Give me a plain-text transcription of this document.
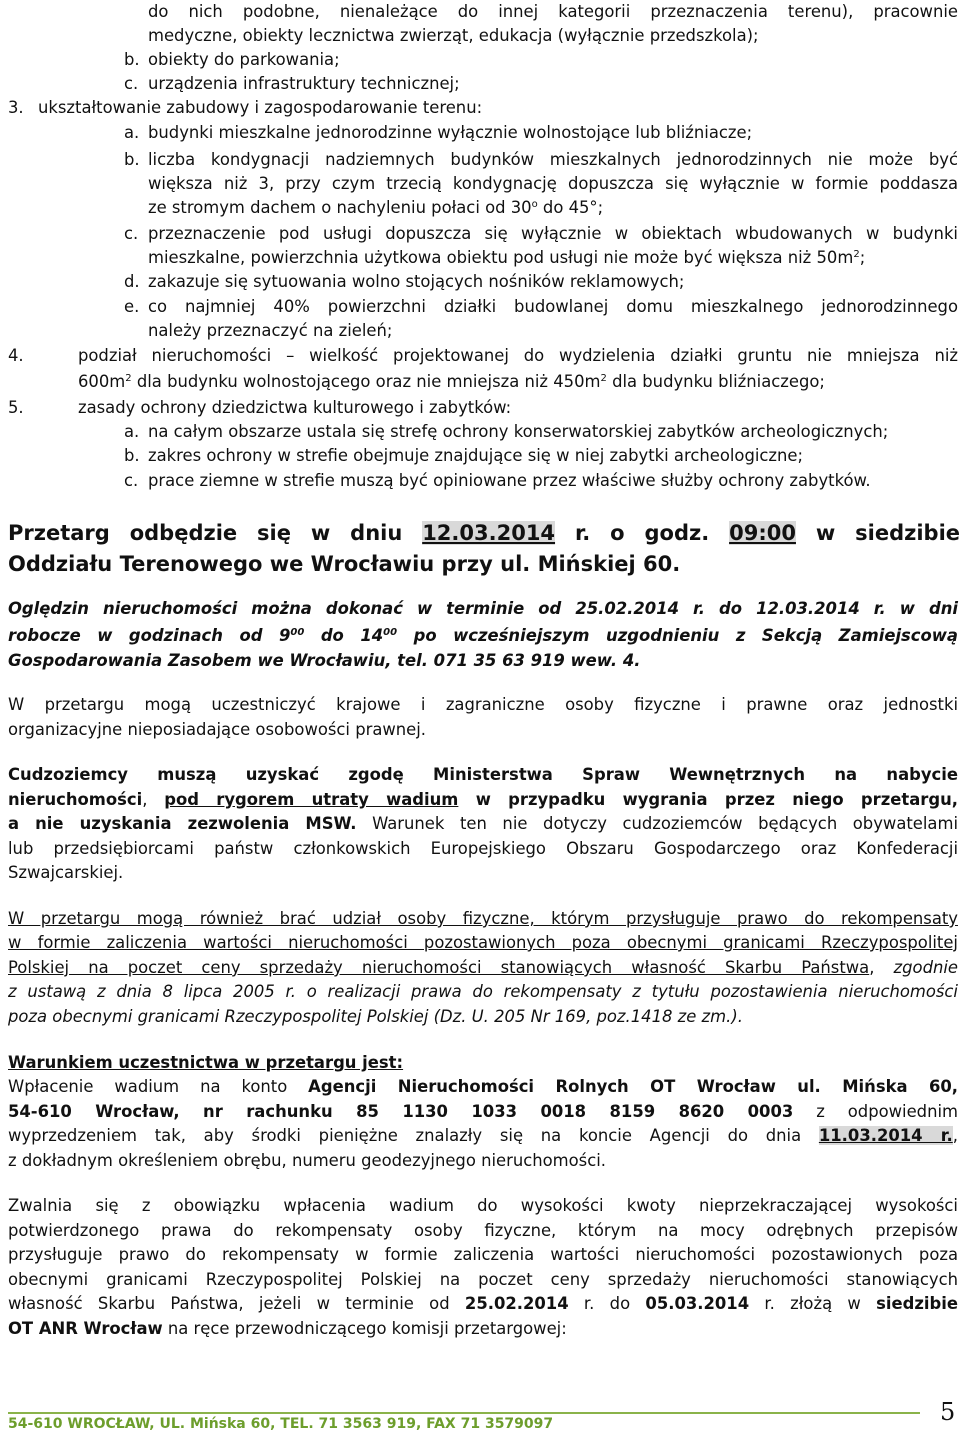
do nich podobne, nienależące do innej kategorii przeznaczenia terenu), pracownie
medyczne, obiekty lecznictwa zwierząt, edukacja (wyłącznie przedszkola);
b. obiekty do parkowania;
c. urządzenia infrastruktury technicznej;
3. ukształtowanie zabudowy i zagospodarowanie terenu:
a. budynki mieszkalne jednorodzinne wyłącznie wolnostojące lub bliźniacze;
b. liczba kondygnacji nadziemnych budynków mieszkalnych jednorodzinnych nie może być
większa niż 3, przy czym trzecią kondygnację dopuszcza się wyłącznie w formie poddasza
ze stromym dachem o nachyleniu połaci od 30$^o$ do 45°;
c. przeznaczenie pod usługi dopuszcza się wyłącznie w obiektach wbudowanych w budynki
mieszkalne, powierzchnia użytkowa obiektu pod usługi nie może być większa niż $50m^2$;
d. zakazuje się sytuowania wolno stojących nośników reklamowych;
e. co najmniej 40% powierzchni działki budowlanej domu mieszkalnego jednorodzinnego
należy przeznaczyć na zieleń;
4.	podział nieruchomości – wielkość projektowanej do wydzielenia działki gruntu nie mniejsza niż
$600m^2$ dla budynku wolnostojącego oraz nie mniejsza niż $450m^2$ dla budynku bliźniaczego;
5.	zasady ochrony dziedzictwa kulturowego i zabytków:
a. na całym obszarze ustala się strefę ochrony konserwatorskiej zabytków archeologicznych;
b. zakres ochrony w strefie obejmuje znajdujące się w niej zabytki archeologiczne;
c. prace ziemne w strefie muszą być opiniowane przez właściwe służby ochrony zabytków.
Przetarg odbędzie się w dniu 12.03.2014 r. o godz. 09:00 w siedzibie
Oddziału Terenowego we Wrocławiu przy ul. Mińskiej 60.
Oględzin nieruchomości można dokonać w terminie od 25.02.2014 r. do 12.03.2014 r. w dni
robocze w godzinach od $9^{00}$ do $14^{00}$ po wcześniejszym uzgodnieniu z Sekcją Zamiejscową
Gospodarowania Zasobem we Wrocławiu, tel. 071 35 63 919 wew. 4.
W przetargu mogą uczestniczyć krajowe i zagraniczne osoby fizyczne i prawne oraz jednostki
organizacyjne nieposiadające osobowości prawnej.
Cudzoziemcy muszą uzyskać zgodę Ministerstwa Spraw Wewnętrznych na nabycie
nieruchomości, pod rygorem utraty wadium w przypadku wygrania przez niego przetargu,
a nie uzyskania zezwolenia MSW. Warunek ten nie dotyczy cudzoziemców będących obywatelami
lub przedsiębiorcami państw członkowskich Europejskiego Obszaru Gospodarczego oraz Konfederacji
Szwajcarskiej.
W przetargu mogą również brać udział osoby fizyczne, którym przysługuje prawo do rekompensaty
w formie zaliczenia wartości nieruchomości pozostawionych poza obecnymi granicami Rzeczypospolitej
Polskiej na poczet ceny sprzedaży nieruchomości stanowiących własność Skarbu Państwa, zgodnie
z ustawą z dnia 8 lipca 2005 r. o realizacji prawa do rekompensaty z tytułu pozostawienia nieruchomości
poza obecnymi granicami Rzeczypospolitej Polskiej (Dz. U. 205 Nr 169, poz.1418 ze zm.).
Warunkiem uczestnictwa w przetargu jest:
Wpłacenie wadium na konto Agencji Nieruchomości Rolnych OT Wrocław ul. Mińska 60,
54-610 Wrocław, nr rachunku 85 1130 1033 0018 8159 8620 0003 z odpowiednim
wyprzedzeniem tak, aby środki pieniężne znalazły się na koncie Agencji do dnia 11.03.2014 r.,
z dokładnym określeniem obrębu, numeru geodezyjnego nieruchomości.
Zwalnia się z obowiązku wpłacenia wadium do wysokości kwoty nieprzekraczającej wysokości
potwierdzonego prawa do rekompensaty osoby fizyczne, którym na mocy odrębnych przepisów
przysługuje prawo do rekompensaty w formie zaliczenia wartości nieruchomości pozostawionych poza
obecnymi granicami Rzeczypospolitej Polskiej na poczet ceny sprzedaży nieruchomości stanowiących
własność Skarbu Państwa, jeżeli w terminie od 25.02.2014 r. do 05.03.2014 r. złożą w siedzibie
OT ANR Wrocław na ręce przewodniczącego komisji przetargowej:
54-610 WROCŁAW, UL. Mińska 60, TEL. 71 3563 919, FAX 71 3579097	5
